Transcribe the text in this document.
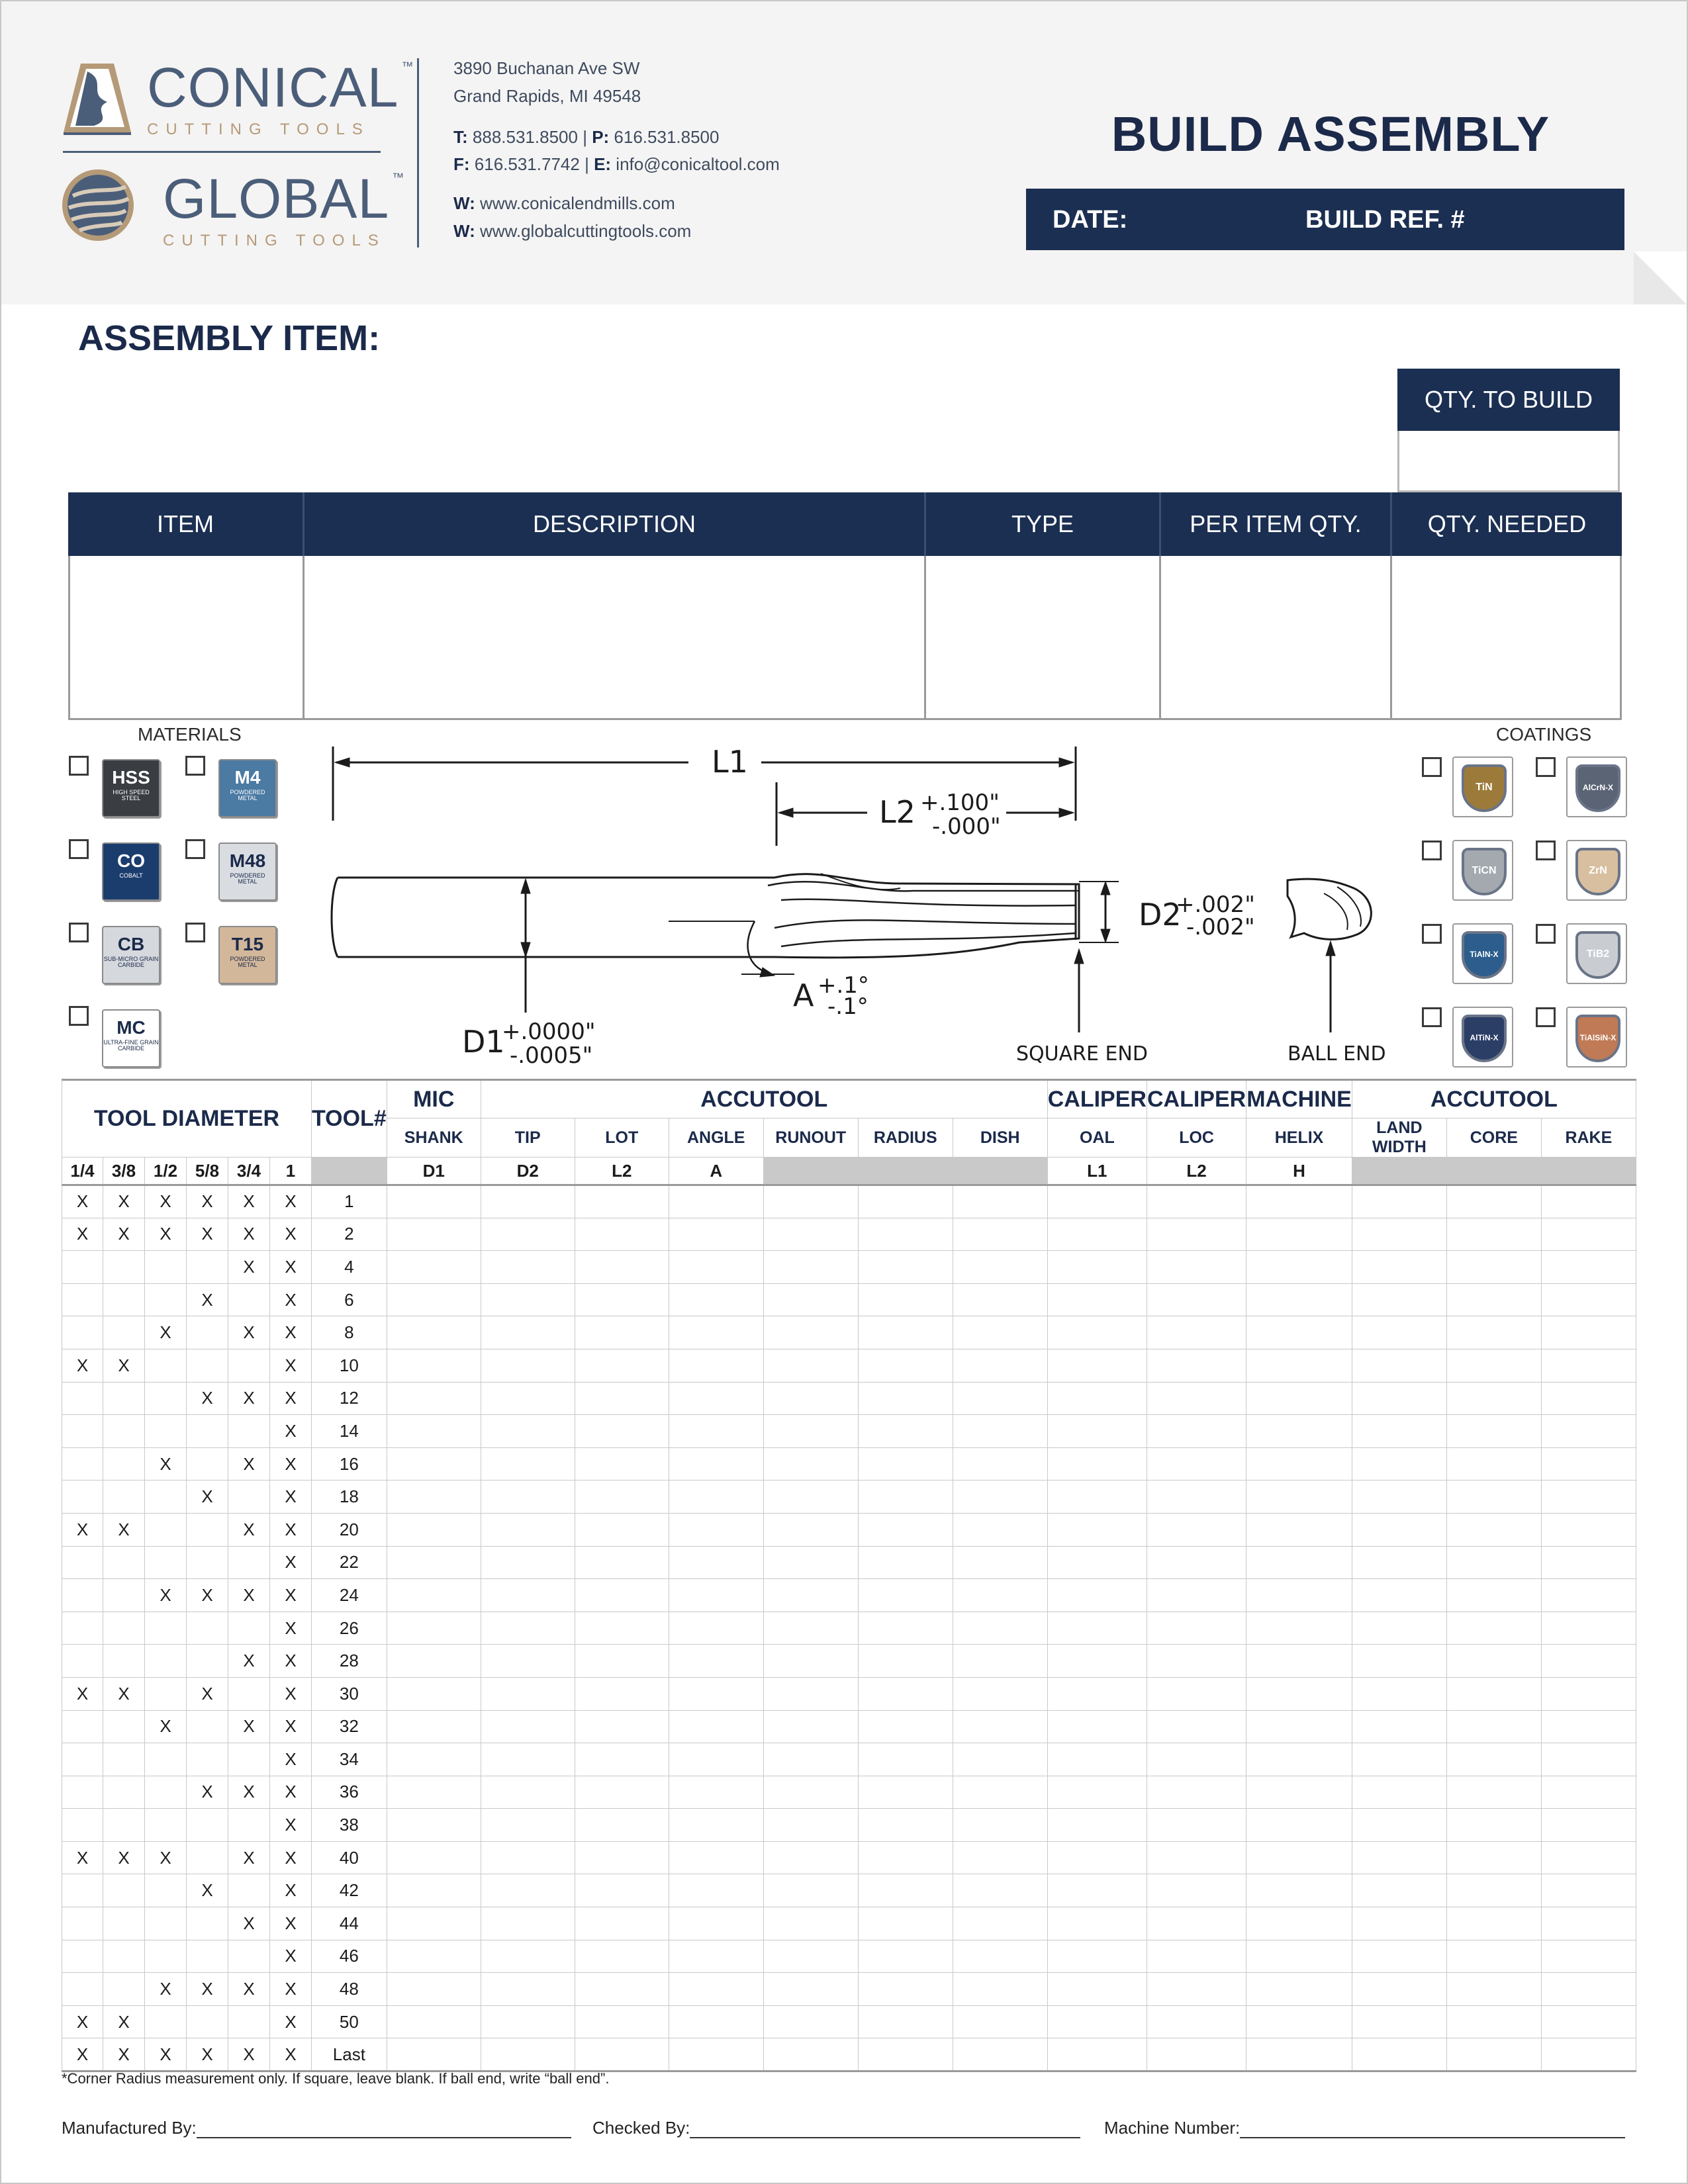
CONICAL ™
CUTTING TOOLS
GLOBAL ™
CUTTING TOOLS
3890 Buchanan Ave SW
Grand Rapids, MI 49548
T: 888.531.8500 | P: 616.531.8500
F: 616.531.7742 | E: info@conicaltool.com
W: www.conicalendmills.com
W: www.globalcuttingtools.com
BUILD ASSEMBLY
DATE:	BUILD REF. #
ASSEMBLY ITEM:
QTY. TO BUILD
ITEM	DESCRIPTION	TYPE	PER ITEM QTY.	QTY. NEEDED
MATERIALS
HSS
HIGH SPEED STEEL
M4
POWDERED METAL
CO
COBALT
M48
POWDERED METAL
CB
SUB-MICRO GRAIN CARBIDE
T15
POWDERED METAL
MC
ULTRA-FINE GRAIN CARBIDE
COATINGS
TiN	AlCrN-X
TiCN	ZrN
TiAlN-X	TiB2
AlTiN-X	TiAlSiN-X
L1
L2 +.100"
-.000"
D1
+.0000"
-.0005"
D2
+.002"
-.002"
A +.1°
-.1°
SQUARE END	BALL END
TOOL DIAMETER						TOOL#	MIC	ACCUTOOL						CALIPER	CALIPER	MACHINE	ACCUTOOL		
							SHANK	TIP	LOT	ANGLE	RUNOUT	RADIUS	DISH	OAL	LOC	HELIX	LAND WIDTH	CORE	RAKE
1/4	3/8	1/2	5/8	3/4	1		D1	D2	L2	A				L1	L2	H			
X	X	X	X	X	X	1													
X	X	X	X	X	X	2													
				X	X	4													
			X		X	6													
		X		X	X	8													
X	X				X	10													
			X	X	X	12													
					X	14													
		X		X	X	16													
			X		X	18													
X	X			X	X	20													
					X	22													
		X	X	X	X	24													
					X	26													
				X	X	28													
X	X		X		X	30													
		X		X	X	32													
					X	34													
			X	X	X	36													
					X	38													
X	X	X		X	X	40													
			X		X	42													
				X	X	44													
					X	46													
		X	X	X	X	48													
X	X				X	50													
X	X	X	X	X	X	Last													
*Corner Radius measurement only. If square, leave blank. If ball end, write “ball end”.
Manufactured By:	Checked By:	Machine Number:
